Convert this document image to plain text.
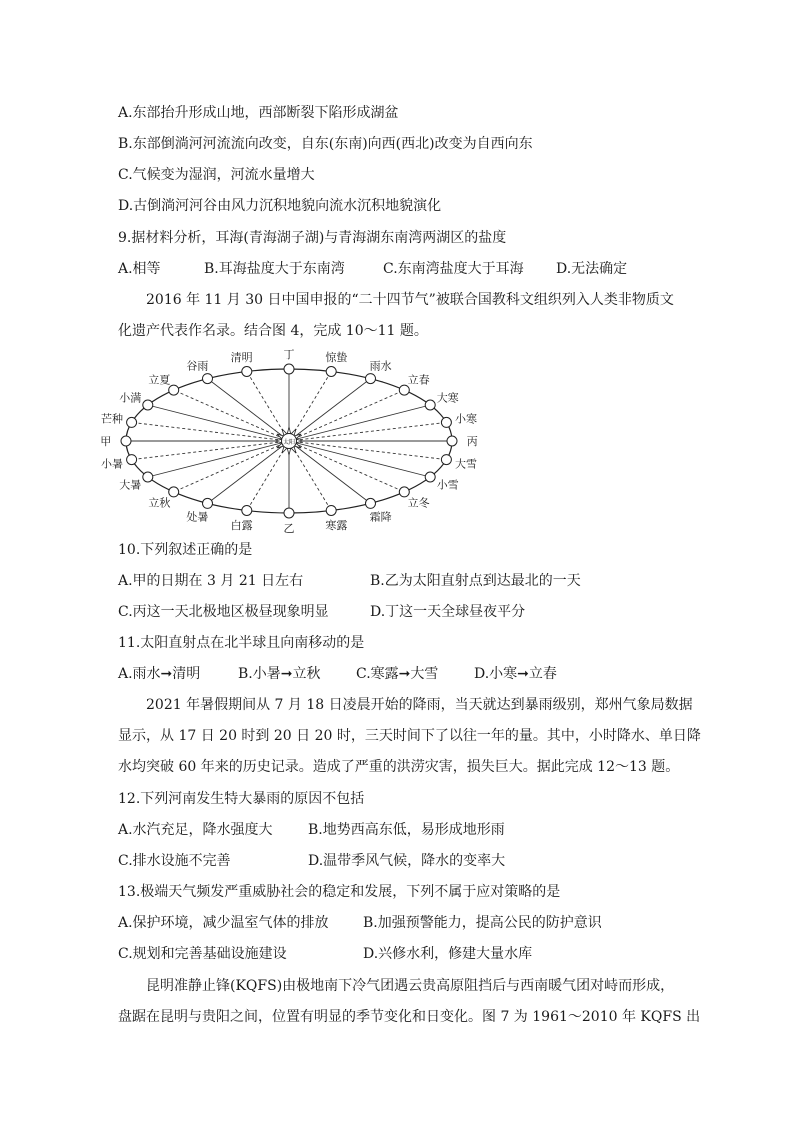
A.东部抬升形成山地，西部断裂下陷形成湖盆
B.东部倒淌河河流流向改变，自东(东南)向西(西北)改变为自西向东
C.气候变为湿润，河流水量增大
D.古倒淌河河谷由风力沉积地貌向流水沉积地貌演化
9.据材料分析，耳海(青海湖子湖)与青海湖东南湾两湖区的盐度
A.相等	B.耳海盐度大于东南湾	C.东南湾盐度大于耳海 D.无法确定
2016 年 11 月 30 日中国申报的“二十四节气”被联合国教科文组织列入人类非物质文
化遗产代表作名录。结合图 4，完成 10～11 题。
太阳
甲
芒种
小满
立夏
谷雨
清明	丁	惊蛰
雨水
立春
大寒
小寒
丙
大雪
小雪
立冬
霜降
寒露
乙
白露
处暑
立秋
大暑
小暑
10.下列叙述正确的是
A.甲的日期在 3 月 21 日左右	B.乙为太阳直射点到达最北的一天
C.丙这一天北极地区极昼现象明显	D.丁这一天全球昼夜平分
11.太阳直射点在北半球且向南移动的是
A.雨水➞清明	B.小暑➞立秋	C.寒露➞大雪	D.小寒➞立春
2021 年暑假期间从 7 月 18 日凌晨开始的降雨，当天就达到暴雨级别，郑州气象局数据
显示，从 17 日 20 时到 20 日 20 时，三天时间下了以往一年的量。其中，小时降水、单日降
水均突破 60 年来的历史记录。造成了严重的洪涝灾害，损失巨大。据此完成 12～13 题。
12.下列河南发生特大暴雨的原因不包括
A.水汽充足，降水强度大	B.地势西高东低，易形成地形雨
C.排水设施不完善	D.温带季风气候，降水的变率大
13.极端天气频发严重威胁社会的稳定和发展，下列不属于应对策略的是
A.保护环境，减少温室气体的排放 B.加强预警能力，提高公民的防护意识
C.规划和完善基础设施建设	D.兴修水利，修建大量水库
昆明准静止锋(KQFS)由极地南下冷气团遇云贵高原阻挡后与西南暖气团对峙而形成，
盘踞在昆明与贵阳之间，位置有明显的季节变化和日变化。图 7 为 1961～2010 年 KQFS 出
